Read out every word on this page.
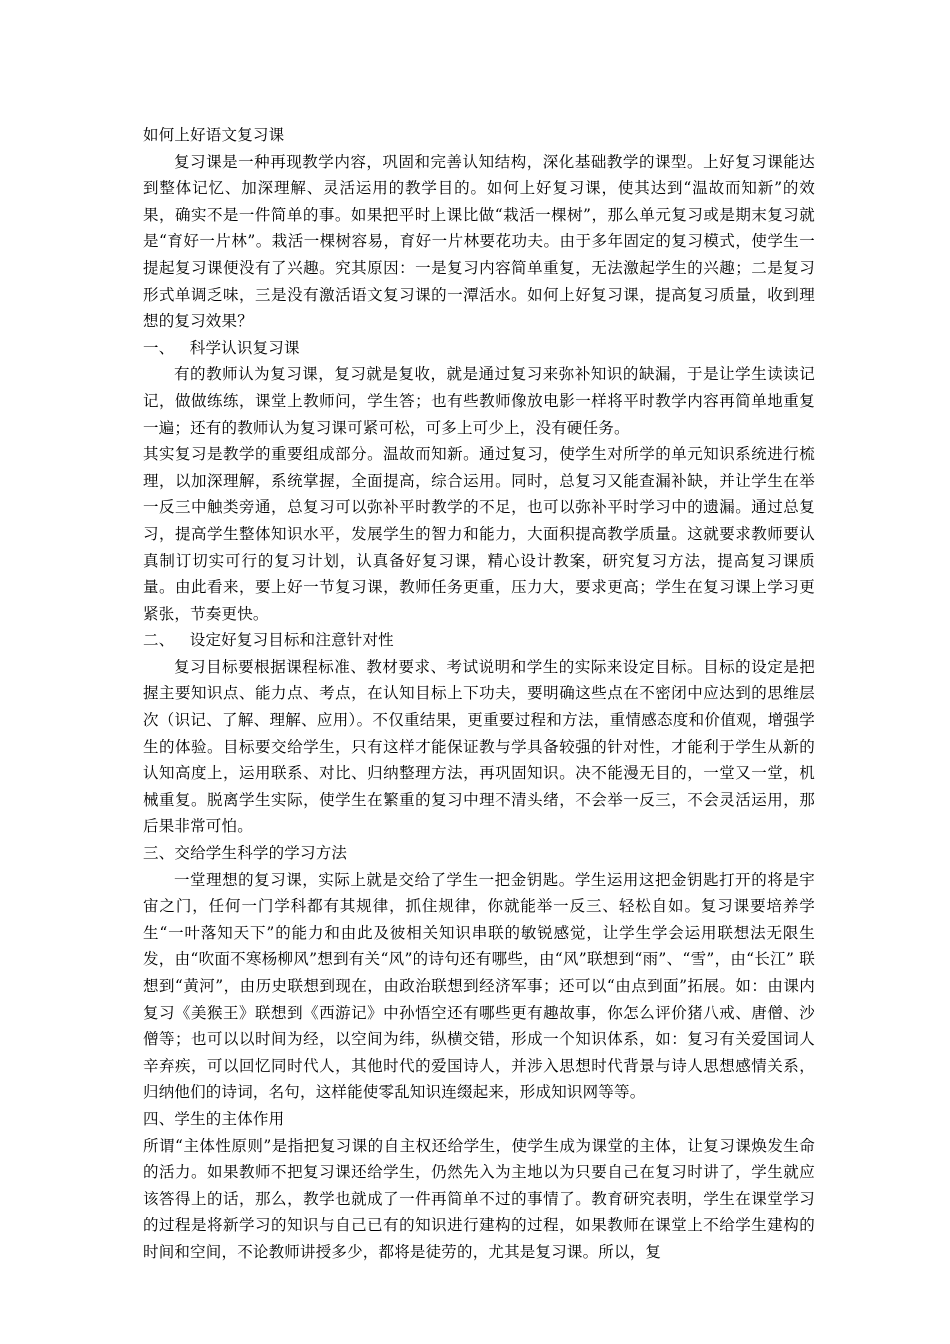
如何上好语文复习课

复习课是一种再现教学内容，巩固和完善认知结构，深化基础教学的课型。上好复习课能达到整体记忆、加深理解、灵活运用的教学目的。如何上好复习课，使其达到“温故而知新”的效果，确实不是一件简单的事。如果把平时上课比做“栽活一棵树”，那么单元复习或是期末复习就是“育好一片林”。栽活一棵树容易，育好一片林要花功夫。由于多年固定的复习模式，使学生一提起复习课便没有了兴趣。究其原因：一是复习内容简单重复，无法激起学生的兴趣；二是复习形式单调乏味，三是没有激活语文复习课的一潭活水。如何上好复习课，提高复习质量，收到理想的复习效果？

一、   科学认识复习课

有的教师认为复习课，复习就是复收，就是通过复习来弥补知识的缺漏，于是让学生读读记记，做做练练，课堂上教师问，学生答；也有些教师像放电影一样将平时教学内容再简单地重复一遍；还有的教师认为复习课可紧可松，可多上可少上，没有硬任务。

其实复习是教学的重要组成部分。温故而知新。通过复习，使学生对所学的单元知识系统进行梳理，以加深理解，系统掌握，全面提高，综合运用。同时，总复习又能查漏补缺，并让学生在举一反三中触类旁通，总复习可以弥补平时教学的不足，也可以弥补平时学习中的遗漏。通过总复习，提高学生整体知识水平，发展学生的智力和能力，大面积提高教学质量。这就要求教师要认真制订切实可行的复习计划，认真备好复习课，精心设计教案，研究复习方法，提高复习课质量。由此看来，要上好一节复习课，教师任务更重，压力大，要求更高；学生在复习课上学习更紧张，节奏更快。

二、   设定好复习目标和注意针对性

复习目标要根据课程标准、教材要求、考试说明和学生的实际来设定目标。目标的设定是把握主要知识点、能力点、考点，在认知目标上下功夫，要明确这些点在不密闭中应达到的思维层次（识记、了解、理解、应用）。不仅重结果，更重要过程和方法，重情感态度和价值观，增强学生的体验。目标要交给学生，只有这样才能保证教与学具备较强的针对性，才能利于学生从新的认知高度上，运用联系、对比、归纳整理方法，再巩固知识。决不能漫无目的，一堂又一堂，机械重复。脱离学生实际，使学生在繁重的复习中理不清头绪，不会举一反三，不会灵活运用，那后果非常可怕。

三、交给学生科学的学习方法

一堂理想的复习课，实际上就是交给了学生一把金钥匙。学生运用这把金钥匙打开的将是宇宙之门，任何一门学科都有其规律，抓住规律，你就能举一反三、轻松自如。复习课要培养学生“一叶落知天下”的能力和由此及彼相关知识串联的敏锐感觉，让学生学会运用联想法无限生发，由“吹面不寒杨柳风”想到有关“风”的诗句还有哪些，由“风”联想到“雨”、“雪”，由“长江” 联想到“黄河”，由历史联想到现在，由政治联想到经济军事；还可以“由点到面”拓展。如：由课内复习《美猴王》联想到《西游记》中孙悟空还有哪些更有趣故事，你怎么评价猪八戒、唐僧、沙僧等；也可以以时间为经，以空间为纬，纵横交错，形成一个知识体系，如：复习有关爱国词人辛弃疾，可以回忆同时代人，其他时代的爱国诗人，并涉入思想时代背景与诗人思想感情关系，归纳他们的诗词，名句，这样能使零乱知识连缀起来，形成知识网等等。

四、学生的主体作用

所谓“主体性原则”是指把复习课的自主权还给学生，使学生成为课堂的主体，让复习课焕发生命的活力。如果教师不把复习课还给学生，仍然先入为主地以为只要自己在复习时讲了，学生就应该答得上的话，那么，教学也就成了一件再简单不过的事情了。教育研究表明，学生在课堂学习的过程是将新学习的知识与自己已有的知识进行建构的过程，如果教师在课堂上不给学生建构的时间和空间，不论教师讲授多少，都将是徒劳的，尤其是复习课。所以，复
